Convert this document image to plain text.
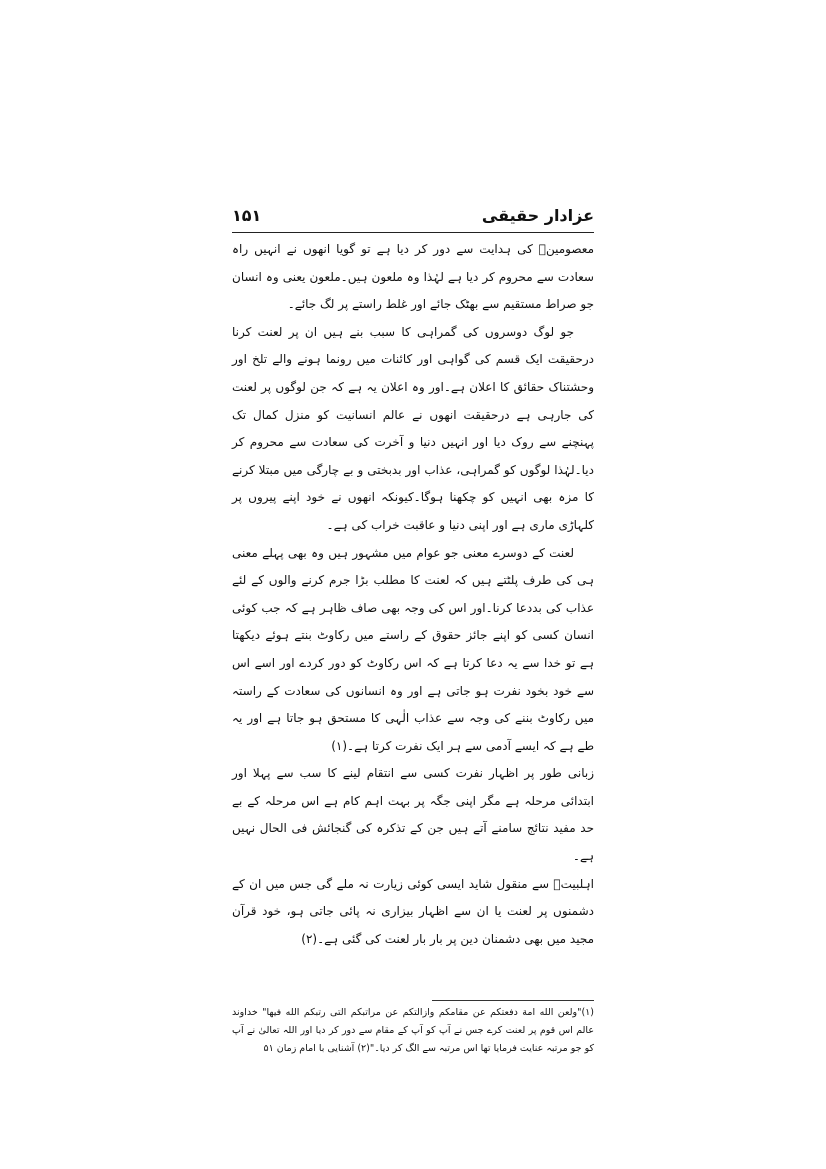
عزادار حقیقی
۱۵۱

معصومینؑ کی ہدایت سے دور کر دیا ہے تو گویا انھوں نے انہیں راہ سعادت سے محروم کر دیا ہے لہٰذا وہ ملعون ہیں۔ملعون یعنی وہ انسان جو صراط مستقیم سے بھٹک جائے اور غلط راستے پر لگ جائے۔

جو لوگ دوسروں کی گمراہی کا سبب بنے ہیں ان پر لعنت کرنا درحقیقت ایک قسم کی گواہی اور کائنات میں رونما ہونے والے تلخ اور وحشتناک حقائق کا اعلان ہے۔اور وہ اعلان یہ ہے کہ جن لوگوں پر لعنت کی جارہی ہے درحقیقت انھوں نے عالم انسانیت کو منزل کمال تک پہنچنے سے روک دیا اور انہیں دنیا و آخرت کی سعادت سے محروم کر دیا۔لہٰذا لوگوں کو گمراہی، عذاب اور بدبختی و بے چارگی میں مبتلا کرنے کا مزہ بھی انہیں کو چکھنا ہوگا۔کیونکہ انھوں نے خود اپنے پیروں پر کلہاڑی ماری ہے اور اپنی دنیا و عاقبت خراب کی ہے۔

لعنت کے دوسرے معنی جو عوام میں مشہور ہیں وہ بھی پہلے معنی ہی کی طرف پلٹتے ہیں کہ لعنت کا مطلب بڑا جرم کرنے والوں کے لئے عذاب کی بددعا کرنا۔اور اس کی وجہ بھی صاف ظاہر ہے کہ جب کوئی انسان کسی کو اپنے جائز حقوق کے راستے میں رکاوٹ بنتے ہوئے دیکھتا ہے تو خدا سے یہ دعا کرتا ہے کہ اس رکاوٹ کو دور کردے اور اسے اس سے خود بخود نفرت ہو جاتی ہے اور وہ انسانوں کی سعادت کے راستہ میں رکاوٹ بننے کی وجہ سے عذاب الٰہی کا مستحق ہو جاتا ہے اور یہ طے ہے کہ ایسے آدمی سے ہر ایک نفرت کرتا ہے۔(۱)

زبانی طور پر اظہار نفرت کسی سے انتقام لینے کا سب سے پہلا اور ابتدائی مرحلہ ہے مگر اپنی جگہ پر بہت اہم کام ہے اس مرحلہ کے بے حد مفید نتائج سامنے آتے ہیں جن کے تذکرہ کی گنجائش فی الحال نہیں ہے۔

اہلبیتؑ سے منقول شاید ایسی کوئی زیارت نہ ملے گی جس میں ان کے دشمنوں پر لعنت یا ان سے اظہار بیزاری نہ پائی جاتی ہو، خود قرآن مجید میں بھی دشمنان دین پر بار بار لعنت کی گئی ہے۔(۲)

(۱)"ولعن الله امة دفعتكم عن مقامكم وازالتكم عن مراتبكم التی رتبكم الله فيها" خداوند عالم اس قوم پر لعنت کرے جس نے آپ کو آپ کے مقام سے دور کر دیا اور اللہ تعالیٰ نے آپ کو جو مرتبہ عنایت فرمایا تھا اس مرتبہ سے الگ کر دیا۔"(۲) آشنایی با امام زمان ۵۱
